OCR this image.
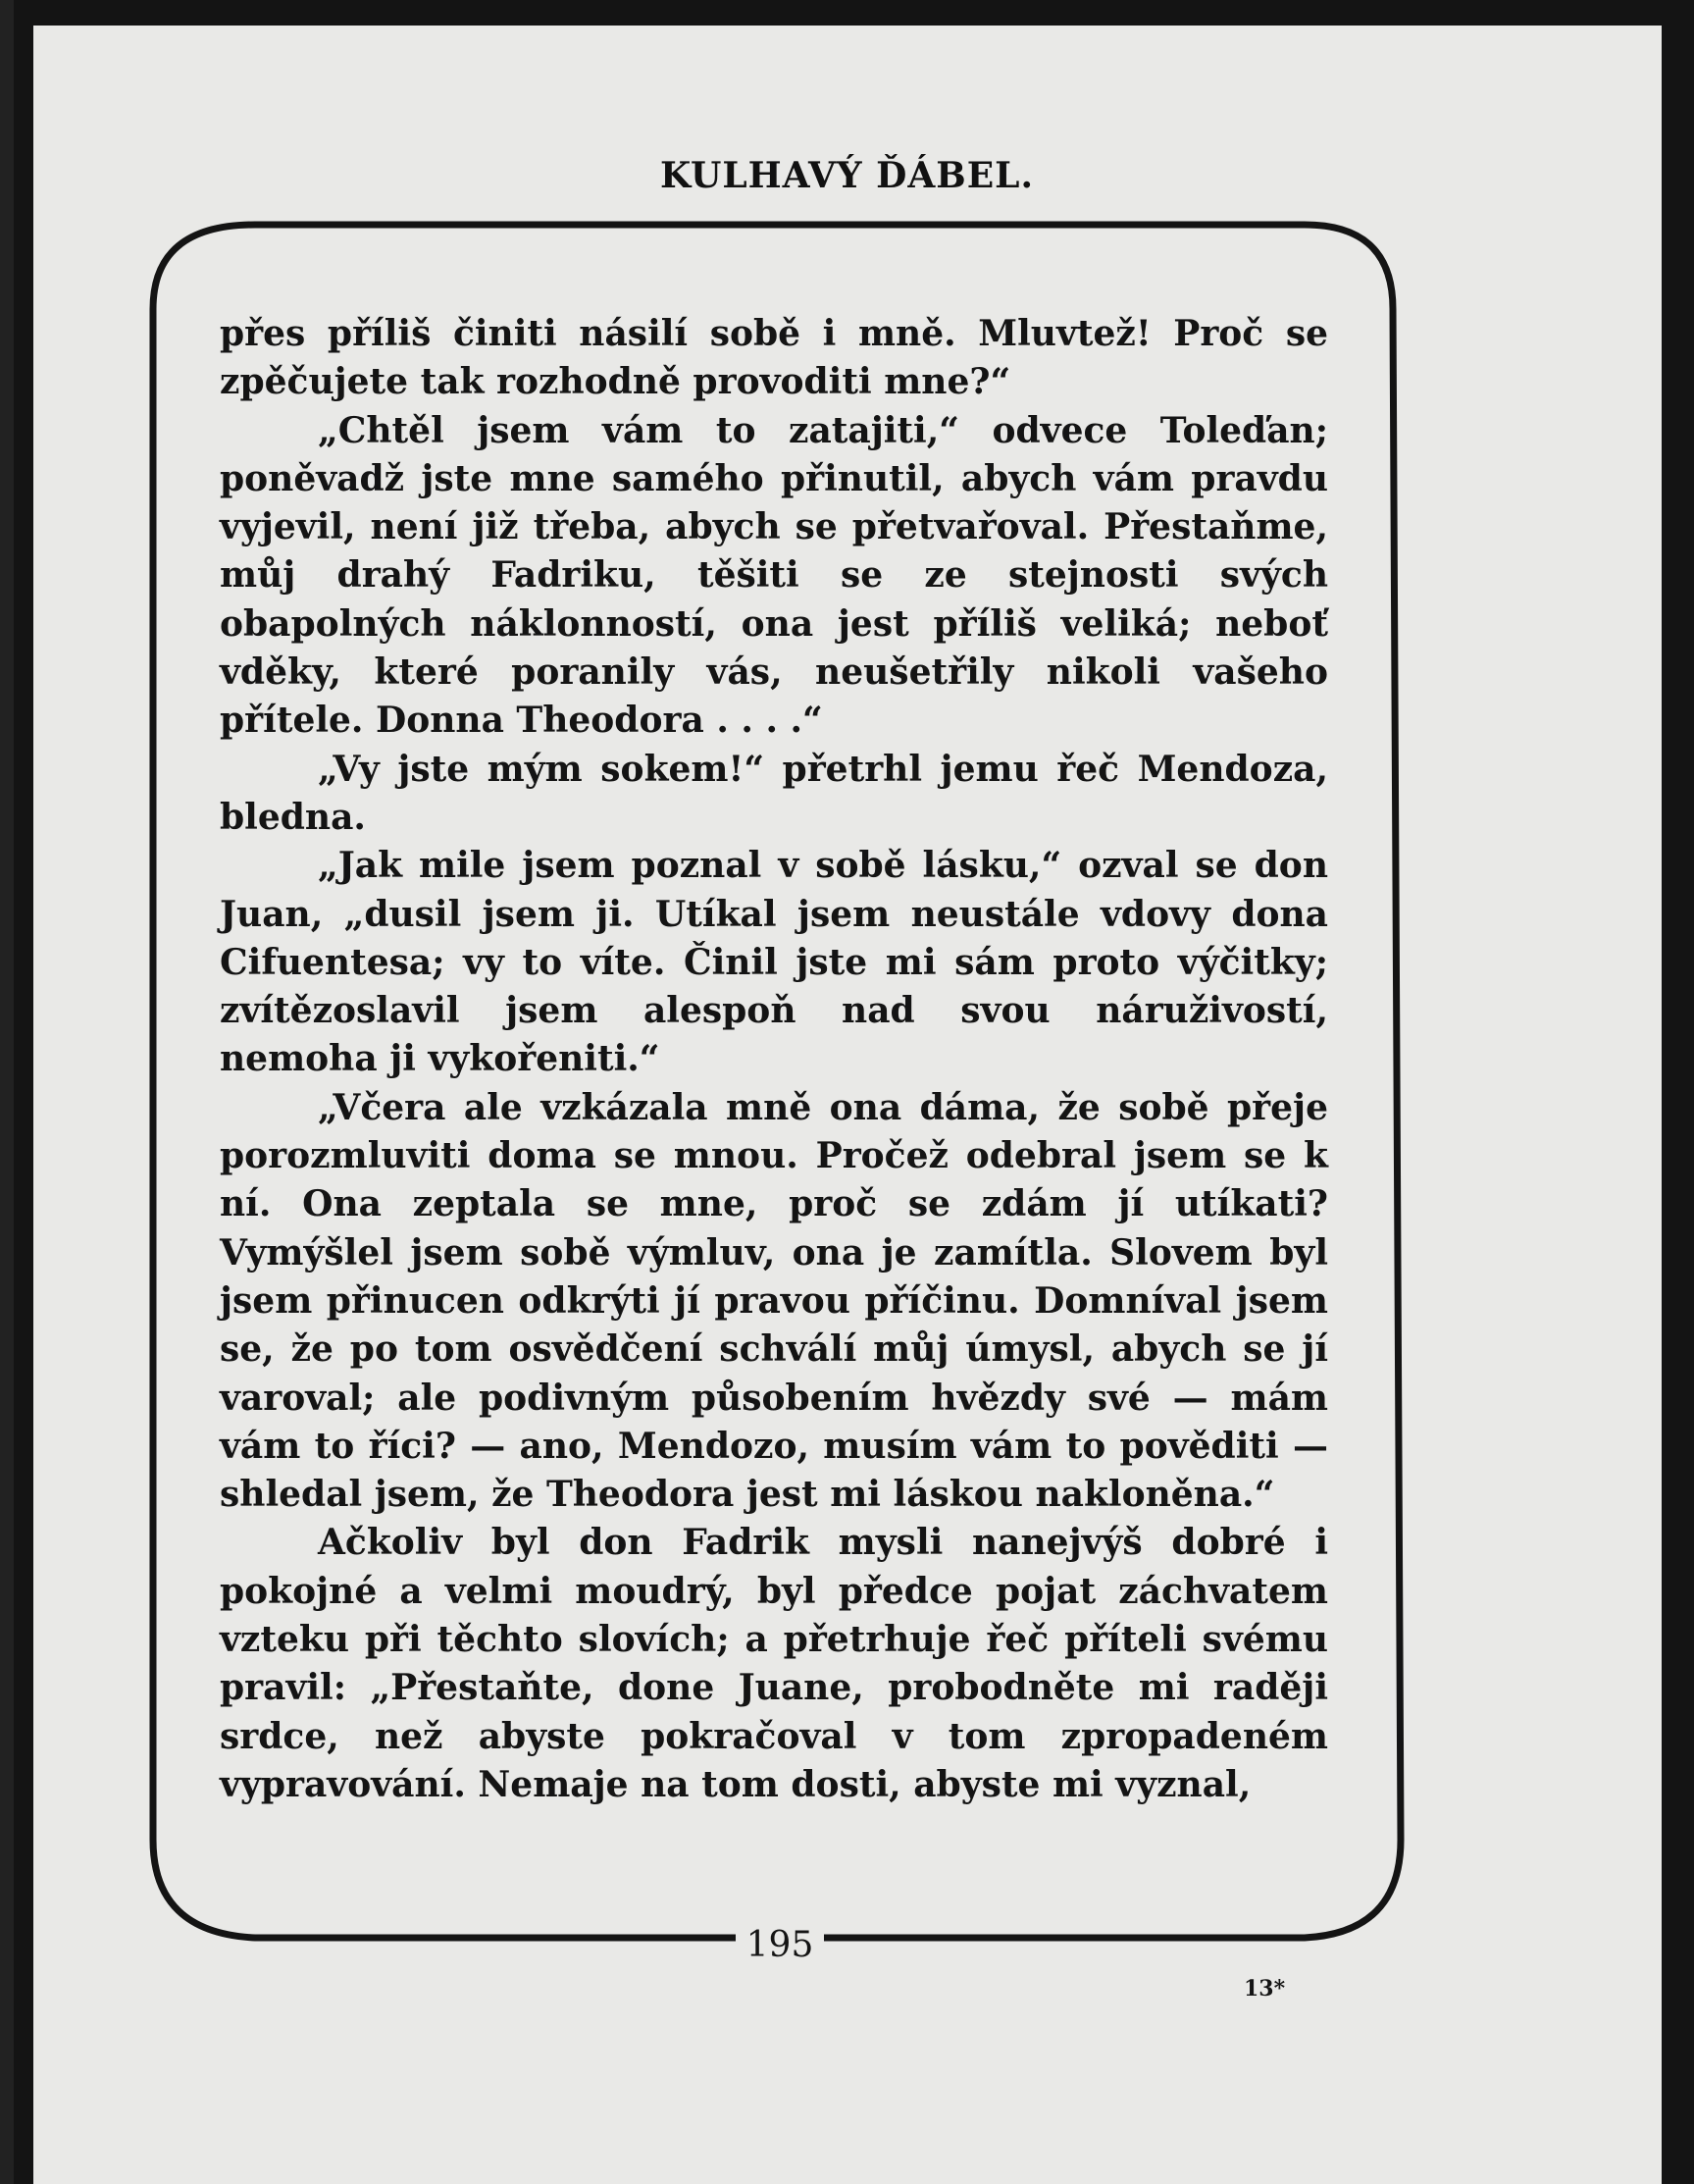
KULHAVÝ ĎÁBEL.

přes příliš činiti násilí sobě i mně. Mluvtež! Proč se zpěčujete tak rozhodně provoditi mne?“

„Chtěl jsem vám to zatajiti,“ odvece Toleďan; poněvadž jste mne samého přinutil, abych vám pravdu vyjevil, není již třeba, abych se přetvařoval. Přestaňme, můj drahý Fadriku, těšiti se ze stejnosti svých obapolných náklonností, ona jest příliš veliká; neboť vděky, které poranily vás, neušetřily nikoli vašeho přítele. Donna Theodora . . . .“

„Vy jste mým sokem!“ přetrhl jemu řeč Mendoza, bledna.

„Jak mile jsem poznal v sobě lásku,“ ozval se don Juan, „dusil jsem ji. Utíkal jsem neustále vdovy dona Cifuentesa; vy to víte. Činil jste mi sám proto výčitky; zvítězoslavil jsem alespoň nad svou náruživostí, nemoha ji vykořeniti.“

„Včera ale vzkázala mně ona dáma, že sobě přeje porozmluviti doma se mnou. Pročež odebral jsem se k ní. Ona zeptala se mne, proč se zdám jí utíkati? Vymýšlel jsem sobě výmluv, ona je zamítla. Slovem byl jsem přinucen odkrýti jí pravou příčinu. Domníval jsem se, že po tom osvědčení schválí můj úmysl, abych se jí varoval; ale podivným působením hvězdy své — mám vám to říci? — ano, Mendozo, musím vám to pověditi — shledal jsem, že Theodora jest mi láskou nakloněna.“

Ačkoliv byl don Fadrik mysli nanejvýš dobré i pokojné a velmi moudrý, byl předce pojat záchvatem vzteku při těchto slovích; a přetrhuje řeč příteli svému pravil: „Přestaňte, done Juane, probodněte mi raději srdce, než abyste pokračoval v tom zpropadeném vypravování. Nemaje na tom dosti, abyste mi vyznal,

195
13*
